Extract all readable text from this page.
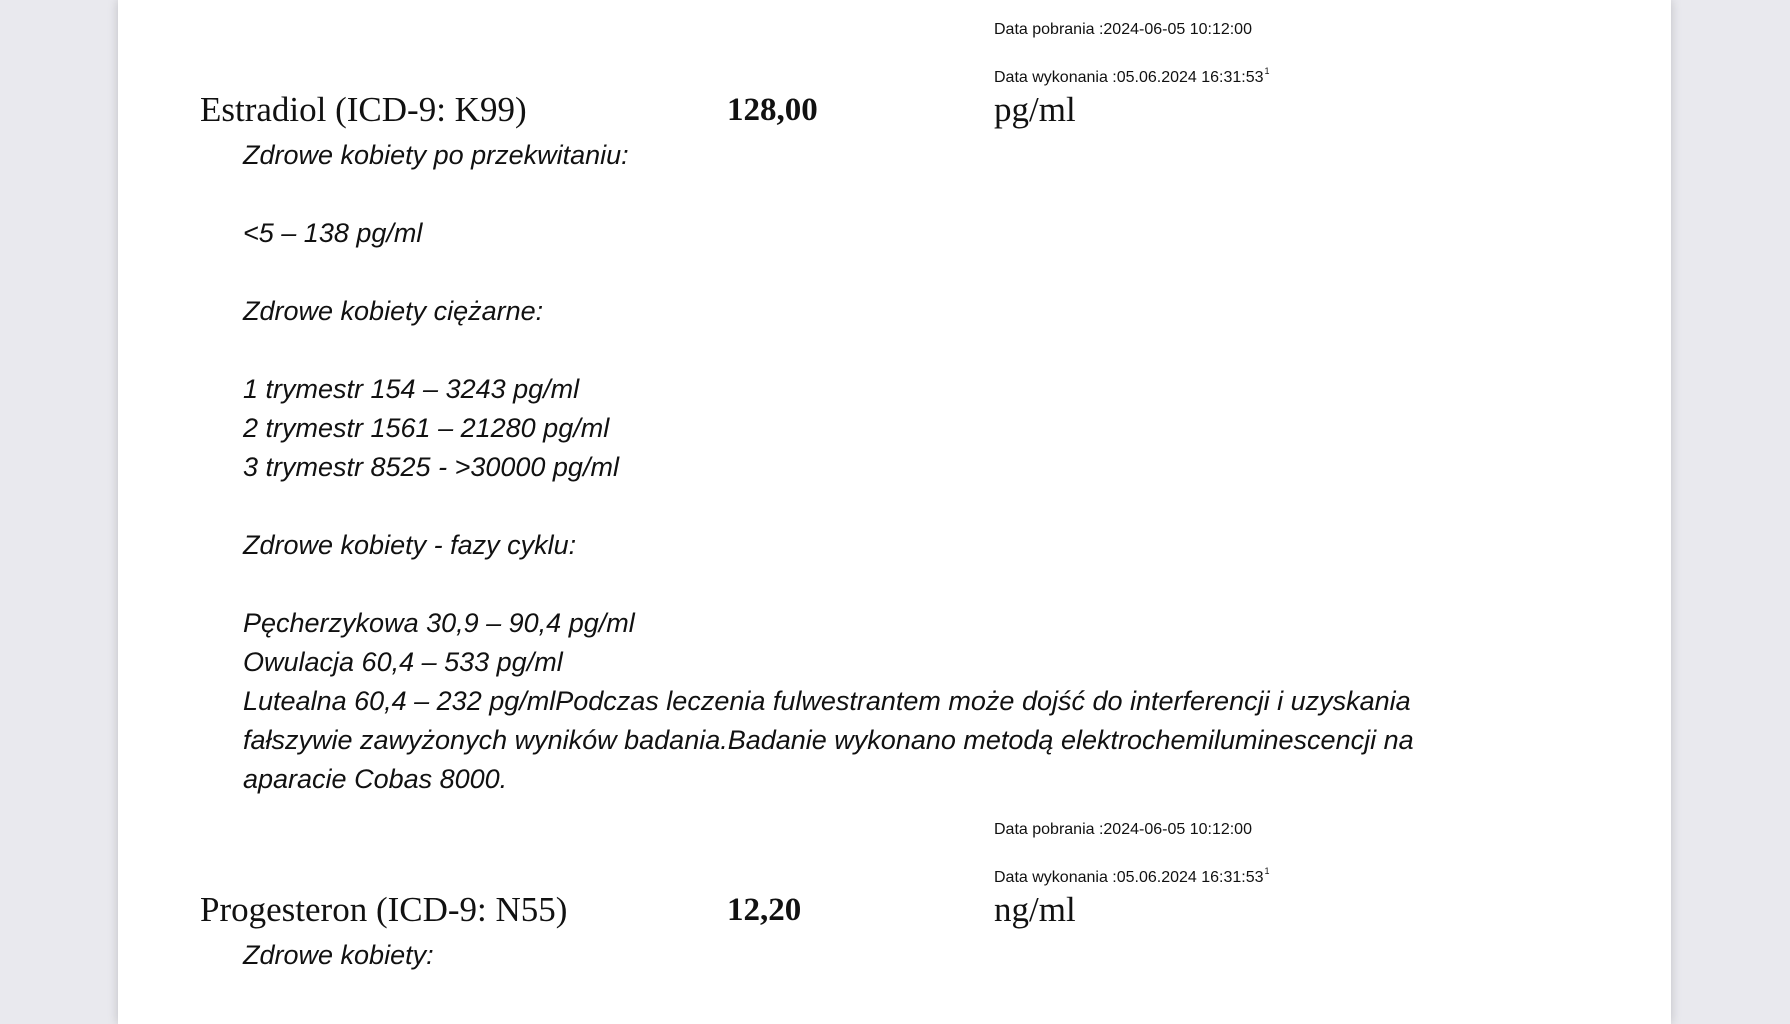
Data pobrania :2024-06-05 10:12:00
Data wykonania :05.06.2024 $16:31:53^1$
Estradiol (ICD-9: K99)	128,00	pg/ml
Zdrowe kobiety po przekwitaniu:
<5 – 138 pg/ml
Zdrowe kobiety ciężarne:
1 trymestr 154 – 3243 pg/ml
2 trymestr 1561 – 21280 pg/ml
3 trymestr 8525 - >30000 pg/ml
Zdrowe kobiety - fazy cyklu:
Pęcherzykowa 30,9 – 90,4 pg/ml
Owulacja 60,4 – 533 pg/ml
Lutealna 60,4 – 232 pg/mlPodczas leczenia fulwestrantem może dojść do interferencji i uzyskania
fałszywie zawyżonych wyników badania.Badanie wykonano metodą elektrochemiluminescencji na
aparacie Cobas 8000.
Data pobrania :2024-06-05 10:12:00
Data wykonania :05.06.2024 $16:31:53^1$
Progesteron (ICD-9: N55)	12,20	ng/ml
Zdrowe kobiety:
